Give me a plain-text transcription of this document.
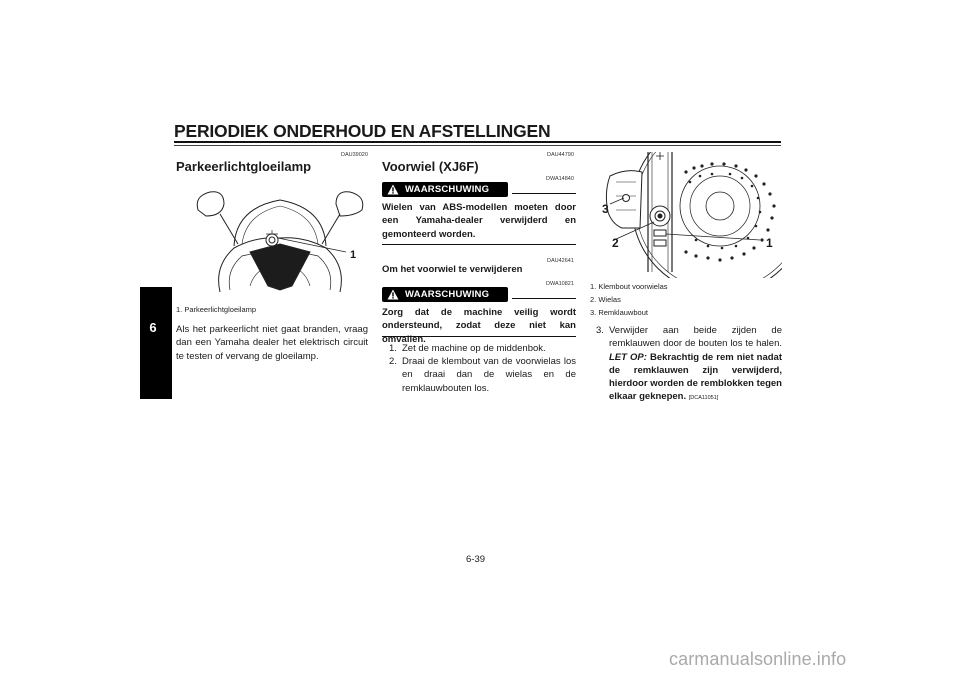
PERIODIEK ONDERHOUD EN AFSTELLINGEN
6
DAU39020
Parkeerlichtgloeilamp
1
1. Parkeerlichtgloeilamp
Als het parkeerlicht niet gaat branden, vraag dan een Yamaha dealer het elektrisch circuit te testen of vervang de gloeilamp.
DAU44790
Voorwiel (XJ6F)
DWA14840
WAARSCHUWING
Wielen van ABS-modellen moeten door een Yamaha-dealer verwijderd en gemonteerd worden.
DAU42641
Om het voorwiel te verwijderen
DWA10821
WAARSCHUWING
Zorg dat de machine veilig wordt ondersteund, zodat deze niet kan omvallen.
1. Zet de machine op de middenbok.
2. Draai de klembout van de voorwielas los en draai dan de wielas en de remklauwbouten los.
3
2	1
1. Klembout voorwielas
2. Wielas
3. Remklauwbout
3. Verwijder aan beide zijden de remklauwen door de bouten los te halen. LET OP: Bekrachtig de rem niet nadat de remklauwen zijn verwijderd, hierdoor worden de remblokken tegen elkaar geknepen. [DCA11051]
6-39
carmanualsonline.info
